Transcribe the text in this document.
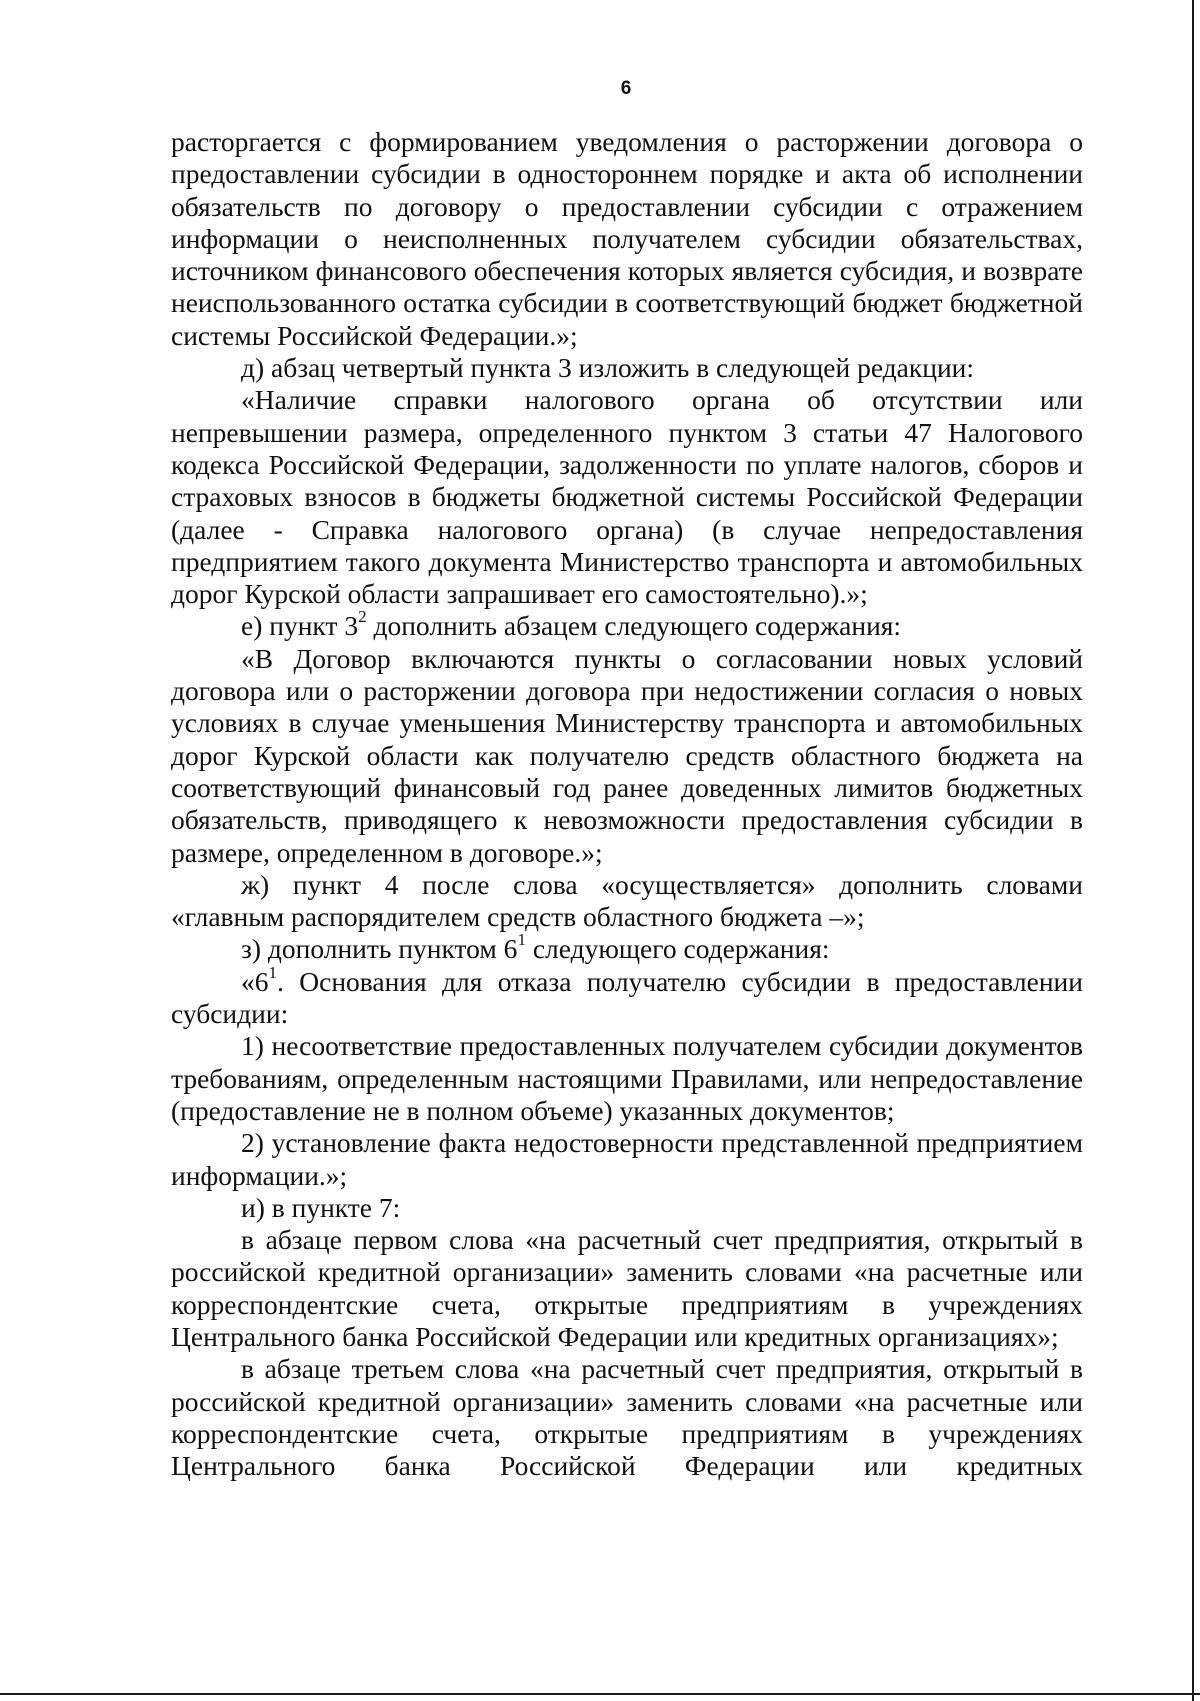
6

расторгается с формированием уведомления о расторжении договора о предоставлении субсидии в одностороннем порядке и акта об исполнении обязательств по договору о предоставлении субсидии с отражением информации о неисполненных получателем субсидии обязательствах, источником финансового обеспечения которых является субсидия, и возврате неиспользованного остатка субсидии в соответствующий бюджет бюджетной системы Российской Федерации.»;

д) абзац четвертый пункта 3 изложить в следующей редакции:

«Наличие справки налогового органа об отсутствии или непревышении размера, определенного пунктом 3 статьи 47 Налогового кодекса Российской Федерации, задолженности по уплате налогов, сборов и страховых взносов в бюджеты бюджетной системы Российской Федерации (далее - Справка налогового органа) (в случае непредоставления предприятием такого документа Министерство транспорта и автомобильных дорог Курской области запрашивает его самостоятельно).»;

е) пункт $3^2$ дополнить абзацем следующего содержания:

«В Договор включаются пункты о согласовании новых условий договора или о расторжении договора при недостижении согласия о новых условиях в случае уменьшения Министерству транспорта и автомобильных дорог Курской области как получателю средств областного бюджета на соответствующий финансовый год ранее доведенных лимитов бюджетных обязательств, приводящего к невозможности предоставления субсидии в размере, определенном в договоре.»;

ж) пункт 4 после слова «осуществляется» дополнить словами «главным распорядителем средств областного бюджета –»;

з) дополнить пунктом $6^1$ следующего содержания:

«$6^1$. Основания для отказа получателю субсидии в предоставлении субсидии:

1) несоответствие предоставленных получателем субсидии документов требованиям, определенным настоящими Правилами, или непредоставление (предоставление не в полном объеме) указанных документов;

2) установление факта недостоверности представленной предприятием информации.»;

и) в пункте 7:

в абзаце первом слова «на расчетный счет предприятия, открытый в российской кредитной организации» заменить словами «на расчетные или корреспондентские счета, открытые предприятиям в учреждениях Центрального банка Российской Федерации или кредитных организациях»;

в абзаце третьем слова «на расчетный счет предприятия, открытый в российской кредитной организации» заменить словами «на расчетные или корреспондентские счета, открытые предприятиям в учреждениях Центрального банка Российской Федерации или кредитных
